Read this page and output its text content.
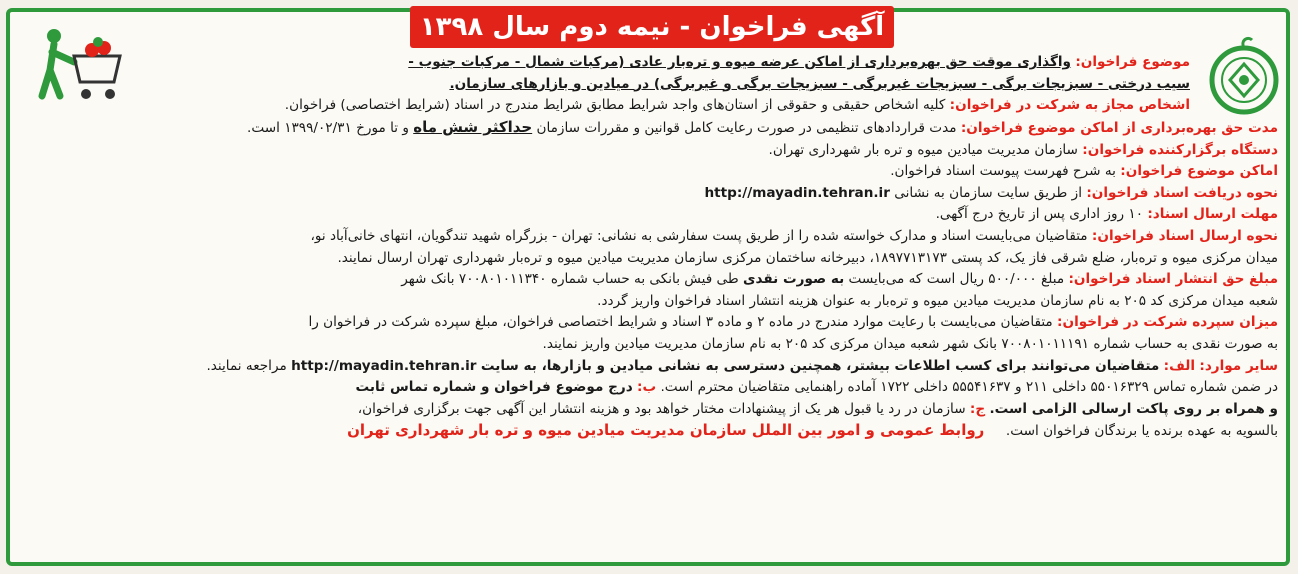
آگهی فراخوان - نیمه دوم سال ۱۳۹۸
موضوع فراخوان: واگذاری موقت حق بهره‌برداری از اماکن عرضه میوه و تره‌بار عادی (مرکبات شمال - مرکبات جنوب -
سیب درختی - سبزیجات برگی - سبزیجات غیربرگی - سبزیجات برگی و غیربرگی) در میادین و بازارهای سازمان.
اشخاص مجاز به شرکت در فراخوان: کلیه اشخاص حقیقی و حقوقی از استان‌های واجد شرایط مطابق شرایط مندرج در اسناد (شرایط اختصاصی) فراخوان.
مدت حق بهره‌برداری از اماکن موضوع فراخوان: مدت قراردادهای تنظیمی در صورت رعایت کامل قوانین و مقررات سازمان حداکثر شش ماه و تا مورخ ۱۳۹۹/۰۲/۳۱ است.
دستگاه برگزارکننده فراخوان: سازمان مدیریت میادین میوه و تره بار شهرداری تهران.
اماکن موضوع فراخوان: به شرح فهرست پیوست اسناد فراخوان.
نحوه دریافت اسناد فراخوان: از طریق سایت سازمان به نشانی http://mayadin.tehran.ir
مهلت ارسال اسناد: ۱۰ روز اداری پس از تاریخ درج آگهی.
نحوه ارسال اسناد فراخوان: متقاضیان می‌بایست اسناد و مدارک خواسته شده را از طریق پست سفارشی به نشانی: تهران - بزرگراه شهید تندگویان، انتهای خانی‌آباد نو،
میدان مرکزی میوه و تره‌بار، ضلع شرقی فاز یک، کد پستی ۱۸۹۷۷۱۳۱۷۳، دبیرخانه ساختمان مرکزی سازمان مدیریت میادین میوه و تره‌بار شهرداری تهران ارسال نمایند.
مبلغ حق انتشار اسناد فراخوان: مبلغ ۵۰۰/۰۰۰ ریال است که می‌بایست به صورت نقدی طی فیش بانکی به حساب شماره ۷۰۰۸۰۱۰۱۱۳۴۰ بانک شهر
شعبه میدان مرکزی کد ۲۰۵ به نام سازمان مدیریت میادین میوه و تره‌بار به عنوان هزینه انتشار اسناد فراخوان واریز گردد.
میزان سپرده شرکت در فراخوان: متقاضیان می‌بایست با رعایت موارد مندرج در ماده ۲ و ماده ۳ اسناد و شرایط اختصاصی فراخوان، مبلغ سپرده شرکت در فراخوان را
به صورت نقدی به حساب شماره ۷۰۰۸۰۱۰۱۱۱۹۱ بانک شهر شعبه میدان مرکزی کد ۲۰۵ به نام سازمان مدیریت میادین واریز نمایند.
سایر موارد: الف: متقاضیان می‌توانند برای کسب اطلاعات بیشتر، همچنین دسترسی به نشانی میادین و بازارها، به سایت http://mayadin.tehran.ir مراجعه نمایند.
در ضمن شماره تماس ۵۵۰۱۶۳۲۹ داخلی ۲۱۱ و ۵۵۵۴۱۶۳۷ داخلی ۱۷۲۲ آماده راهنمایی متقاضیان محترم است. ب: درج موضوع فراخوان و شماره تماس ثابت
و همراه بر روی پاکت ارسالی الزامی است. ج: سازمان در رد یا قبول هر یک از پیشنهادات مختار خواهد بود و هزینه انتشار این آگهی جهت برگزاری فراخوان،
بالسویه به عهده برنده یا برندگان فراخوان است.     روابط عمومی و امور بین الملل سازمان مدیریت میادین میوه و تره بار شهرداری تهران
